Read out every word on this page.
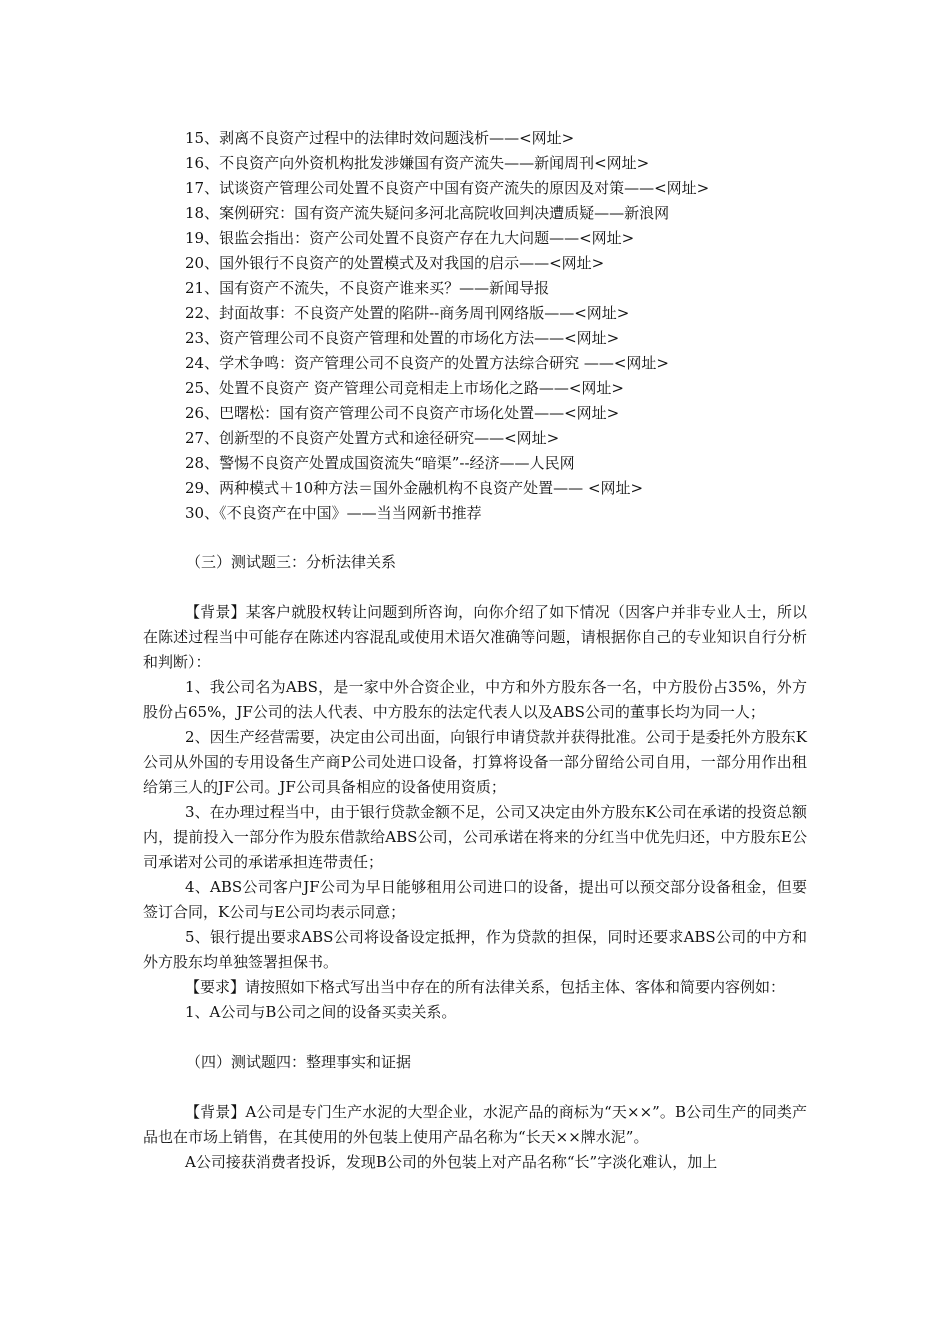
15、剥离不良资产过程中的法律时效问题浅析——<网址>
16、不良资产向外资机构批发涉嫌国有资产流失——新闻周刊<网址>
17、试谈资产管理公司处置不良资产中国有资产流失的原因及对策——<网址>
18、案例研究：国有资产流失疑问多河北高院收回判决遭质疑——新浪网
19、银监会指出：资产公司处置不良资产存在九大问题——<网址>
20、国外银行不良资产的处置模式及对我国的启示——<网址>
21、国有资产不流失，不良资产谁来买？——新闻导报
22、封面故事：不良资产处置的陷阱--商务周刊网络版——<网址>
23、资产管理公司不良资产管理和处置的市场化方法——<网址>
24、学术争鸣：资产管理公司不良资产的处置方法综合研究 ——<网址>
25、处置不良资产 资产管理公司竞相走上市场化之路——<网址>
26、巴曙松：国有资产管理公司不良资产市场化处置——<网址>
27、创新型的不良资产处置方式和途径研究——<网址>
28、警惕不良资产处置成国资流失“暗渠”--经济——人民网
29、两种模式＋10种方法＝国外金融机构不良资产处置—— <网址>
30、《不良资产在中国》——当当网新书推荐
（三）测试题三：分析法律关系

【背景】某客户就股权转让问题到所咨询，向你介绍了如下情况（因客户并非专业人士，所以在陈述过程当中可能存在陈述内容混乱或使用术语欠准确等问题，请根据你自己的专业知识自行分析和判断）：

1、我公司名为ABS，是一家中外合资企业，中方和外方股东各一名，中方股份占35%，外方股份占65%，JF公司的法人代表、中方股东的法定代表人以及ABS公司的董事长均为同一人；

2、因生产经营需要，决定由公司出面，向银行申请贷款并获得批准。公司于是委托外方股东K公司从外国的专用设备生产商P公司处进口设备，打算将设备一部分留给公司自用，一部分用作出租给第三人的JF公司。JF公司具备相应的设备使用资质；

3、在办理过程当中，由于银行贷款金额不足，公司又决定由外方股东K公司在承诺的投资总额内，提前投入一部分作为股东借款给ABS公司，公司承诺在将来的分红当中优先归还，中方股东E公司承诺对公司的承诺承担连带责任；

4、ABS公司客户JF公司为早日能够租用公司进口的设备，提出可以预交部分设备租金，但要签订合同，K公司与E公司均表示同意；

5、银行提出要求ABS公司将设备设定抵押，作为贷款的担保，同时还要求ABS公司的中方和外方股东均单独签署担保书。

【要求】请按照如下格式写出当中存在的所有法律关系，包括主体、客体和简要内容例如：

1、A公司与B公司之间的设备买卖关系。

（四）测试题四：整理事实和证据

【背景】A公司是专门生产水泥的大型企业，水泥产品的商标为“天××”。B公司生产的同类产品也在市场上销售，在其使用的外包装上使用产品名称为“长天××牌水泥”。

A公司接获消费者投诉，发现B公司的外包装上对产品名称“长”字淡化难认，加上
